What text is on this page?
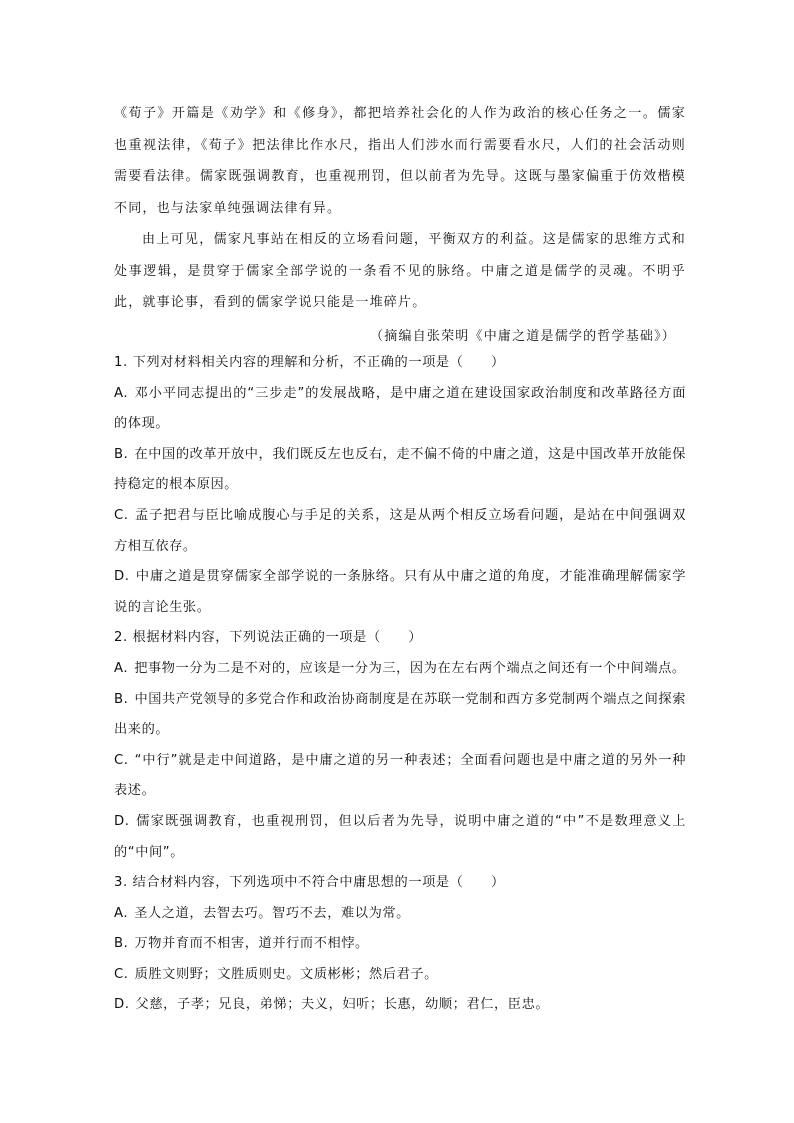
《荀子》开篇是《劝学》和《修身》，都把培养社会化的人作为政治的核心任务之一。儒家也重视法律，《荀子》把法律比作水尺，指出人们涉水而行需要看水尺，人们的社会活动则需要看法律。儒家既强调教育，也重视刑罚，但以前者为先导。这既与墨家偏重于仿效楷模不同，也与法家单纯强调法律有异。

由上可见，儒家凡事站在相反的立场看问题，平衡双方的利益。这是儒家的思维方式和处事逻辑，是贯穿于儒家全部学说的一条看不见的脉络。中庸之道是儒学的灵魂。不明乎此，就事论事，看到的儒家学说只能是一堆碎片。

（摘编自张荣明《中庸之道是儒学的哲学基础》）

1. 下列对材料相关内容的理解和分析，不正确的一项是（　　）

A. 邓小平同志提出的“三步走”的发展战略，是中庸之道在建设国家政治制度和改革路径方面的体现。

B. 在中国的改革开放中，我们既反左也反右，走不偏不倚的中庸之道，这是中国改革开放能保持稳定的根本原因。

C. 孟子把君与臣比喻成腹心与手足的关系，这是从两个相反立场看问题，是站在中间强调双方相互依存。

D. 中庸之道是贯穿儒家全部学说的一条脉络。只有从中庸之道的角度，才能准确理解儒家学说的言论生张。

2. 根据材料内容，下列说法正确的一项是（　　）

A. 把事物一分为二是不对的，应该是一分为三，因为在左右两个端点之间还有一个中间端点。

B. 中国共产党领导的多党合作和政治协商制度是在苏联一党制和西方多党制两个端点之间探索出来的。

C. “中行”就是走中间道路，是中庸之道的另一种表述；全面看问题也是中庸之道的另外一种表述。

D. 儒家既强调教育，也重视刑罚，但以后者为先导，说明中庸之道的“中”不是数理意义上的“中间”。

3. 结合材料内容，下列选项中不符合中庸思想的一项是（　　）

A. 圣人之道，去智去巧。智巧不去，难以为常。

B. 万物并育而不相害，道并行而不相悖。

C. 质胜文则野；文胜质则史。文质彬彬；然后君子。

D. 父慈，子孝；兄良，弟悌；夫义，妇听；长惠，幼顺；君仁，臣忠。
